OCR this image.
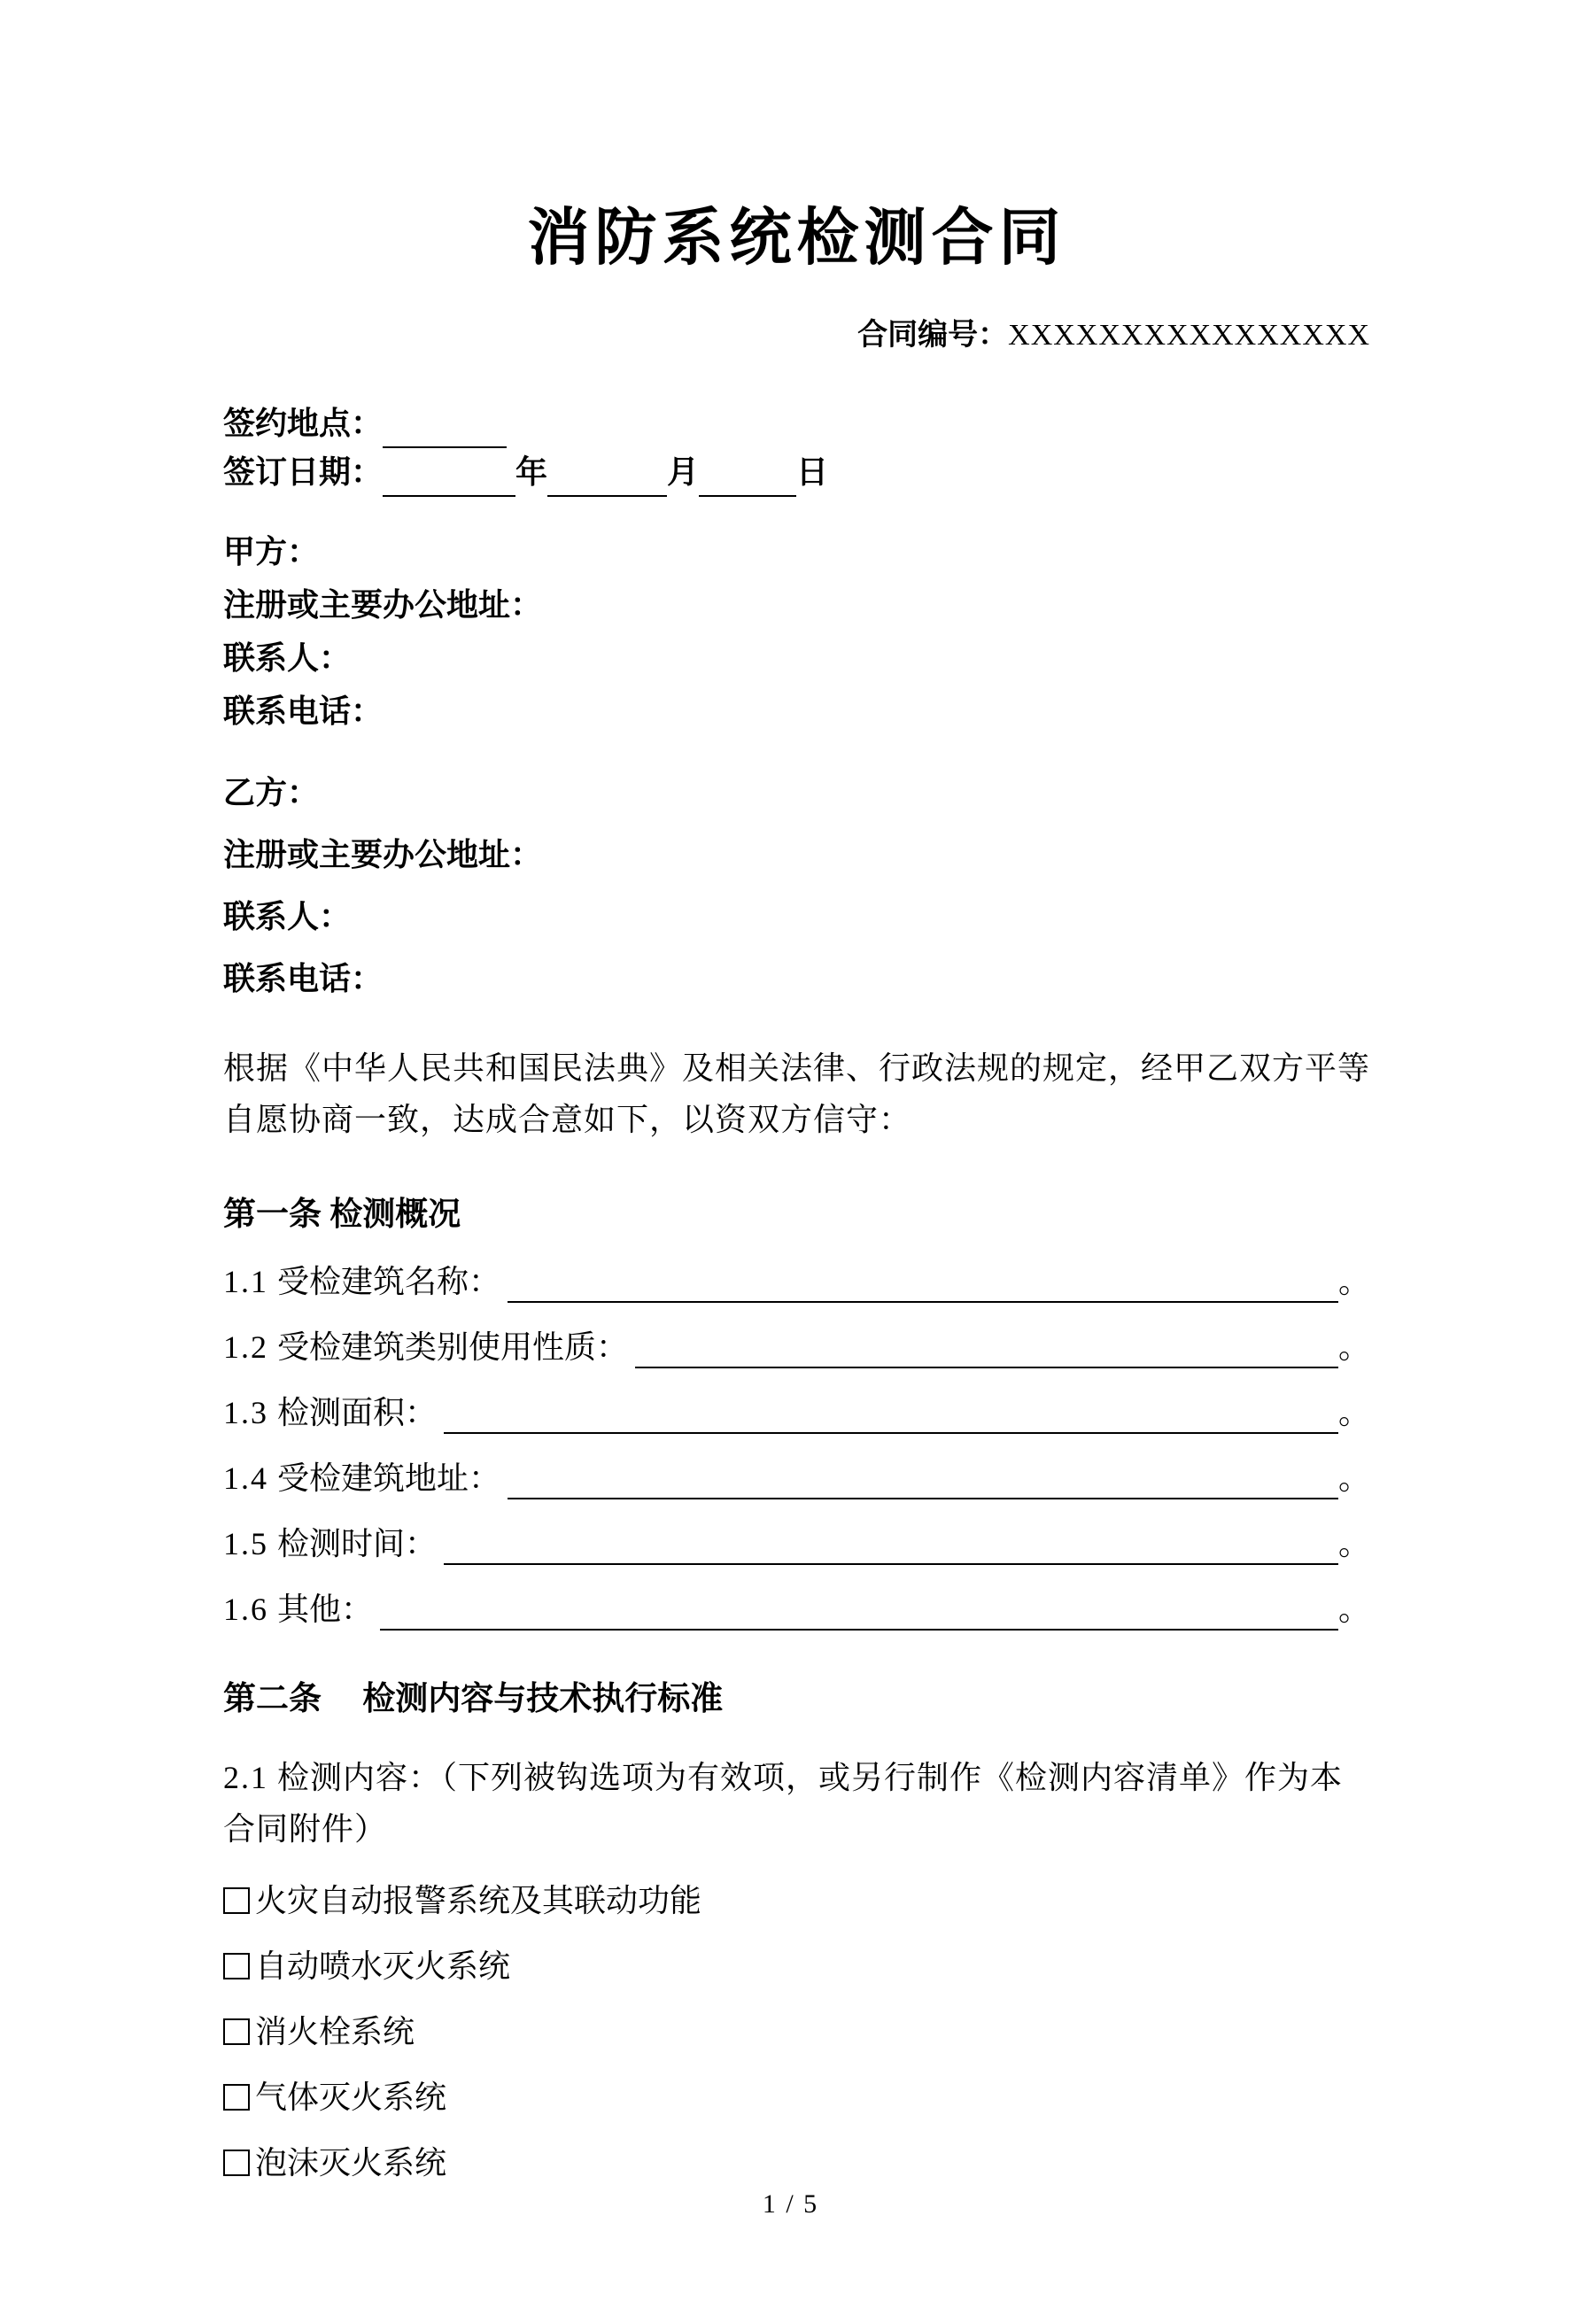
消防系统检测合同
合同编号：XXXXXXXXXXXXXXXX
签约地点：
签订日期：	年	月	日
甲方：
注册或主要办公地址：
联系人：
联系电话：
乙方：
注册或主要办公地址：
联系人：
联系电话：
根据《中华人民共和国民法典》及相关法律、行政法规的规定，经甲乙双方平等自愿协商一致，达成合意如下，以资双方信守：
第一条 检测概况
1.1 受检建筑名称：	。
1.2 受检建筑类别使用性质：	。
1.3 检测面积：	。
1.4 受检建筑地址：	。
1.5 检测时间：	。
1.6 其他：	。
第二条　 检测内容与技术执行标准
2.1 检测内容：（下列被钩选项为有效项，或另行制作《检测内容清单》作为本合同附件）
火灾自动报警系统及其联动功能
自动喷水灭火系统
消火栓系统
气体灭火系统
泡沫灭火系统
1 / 5
